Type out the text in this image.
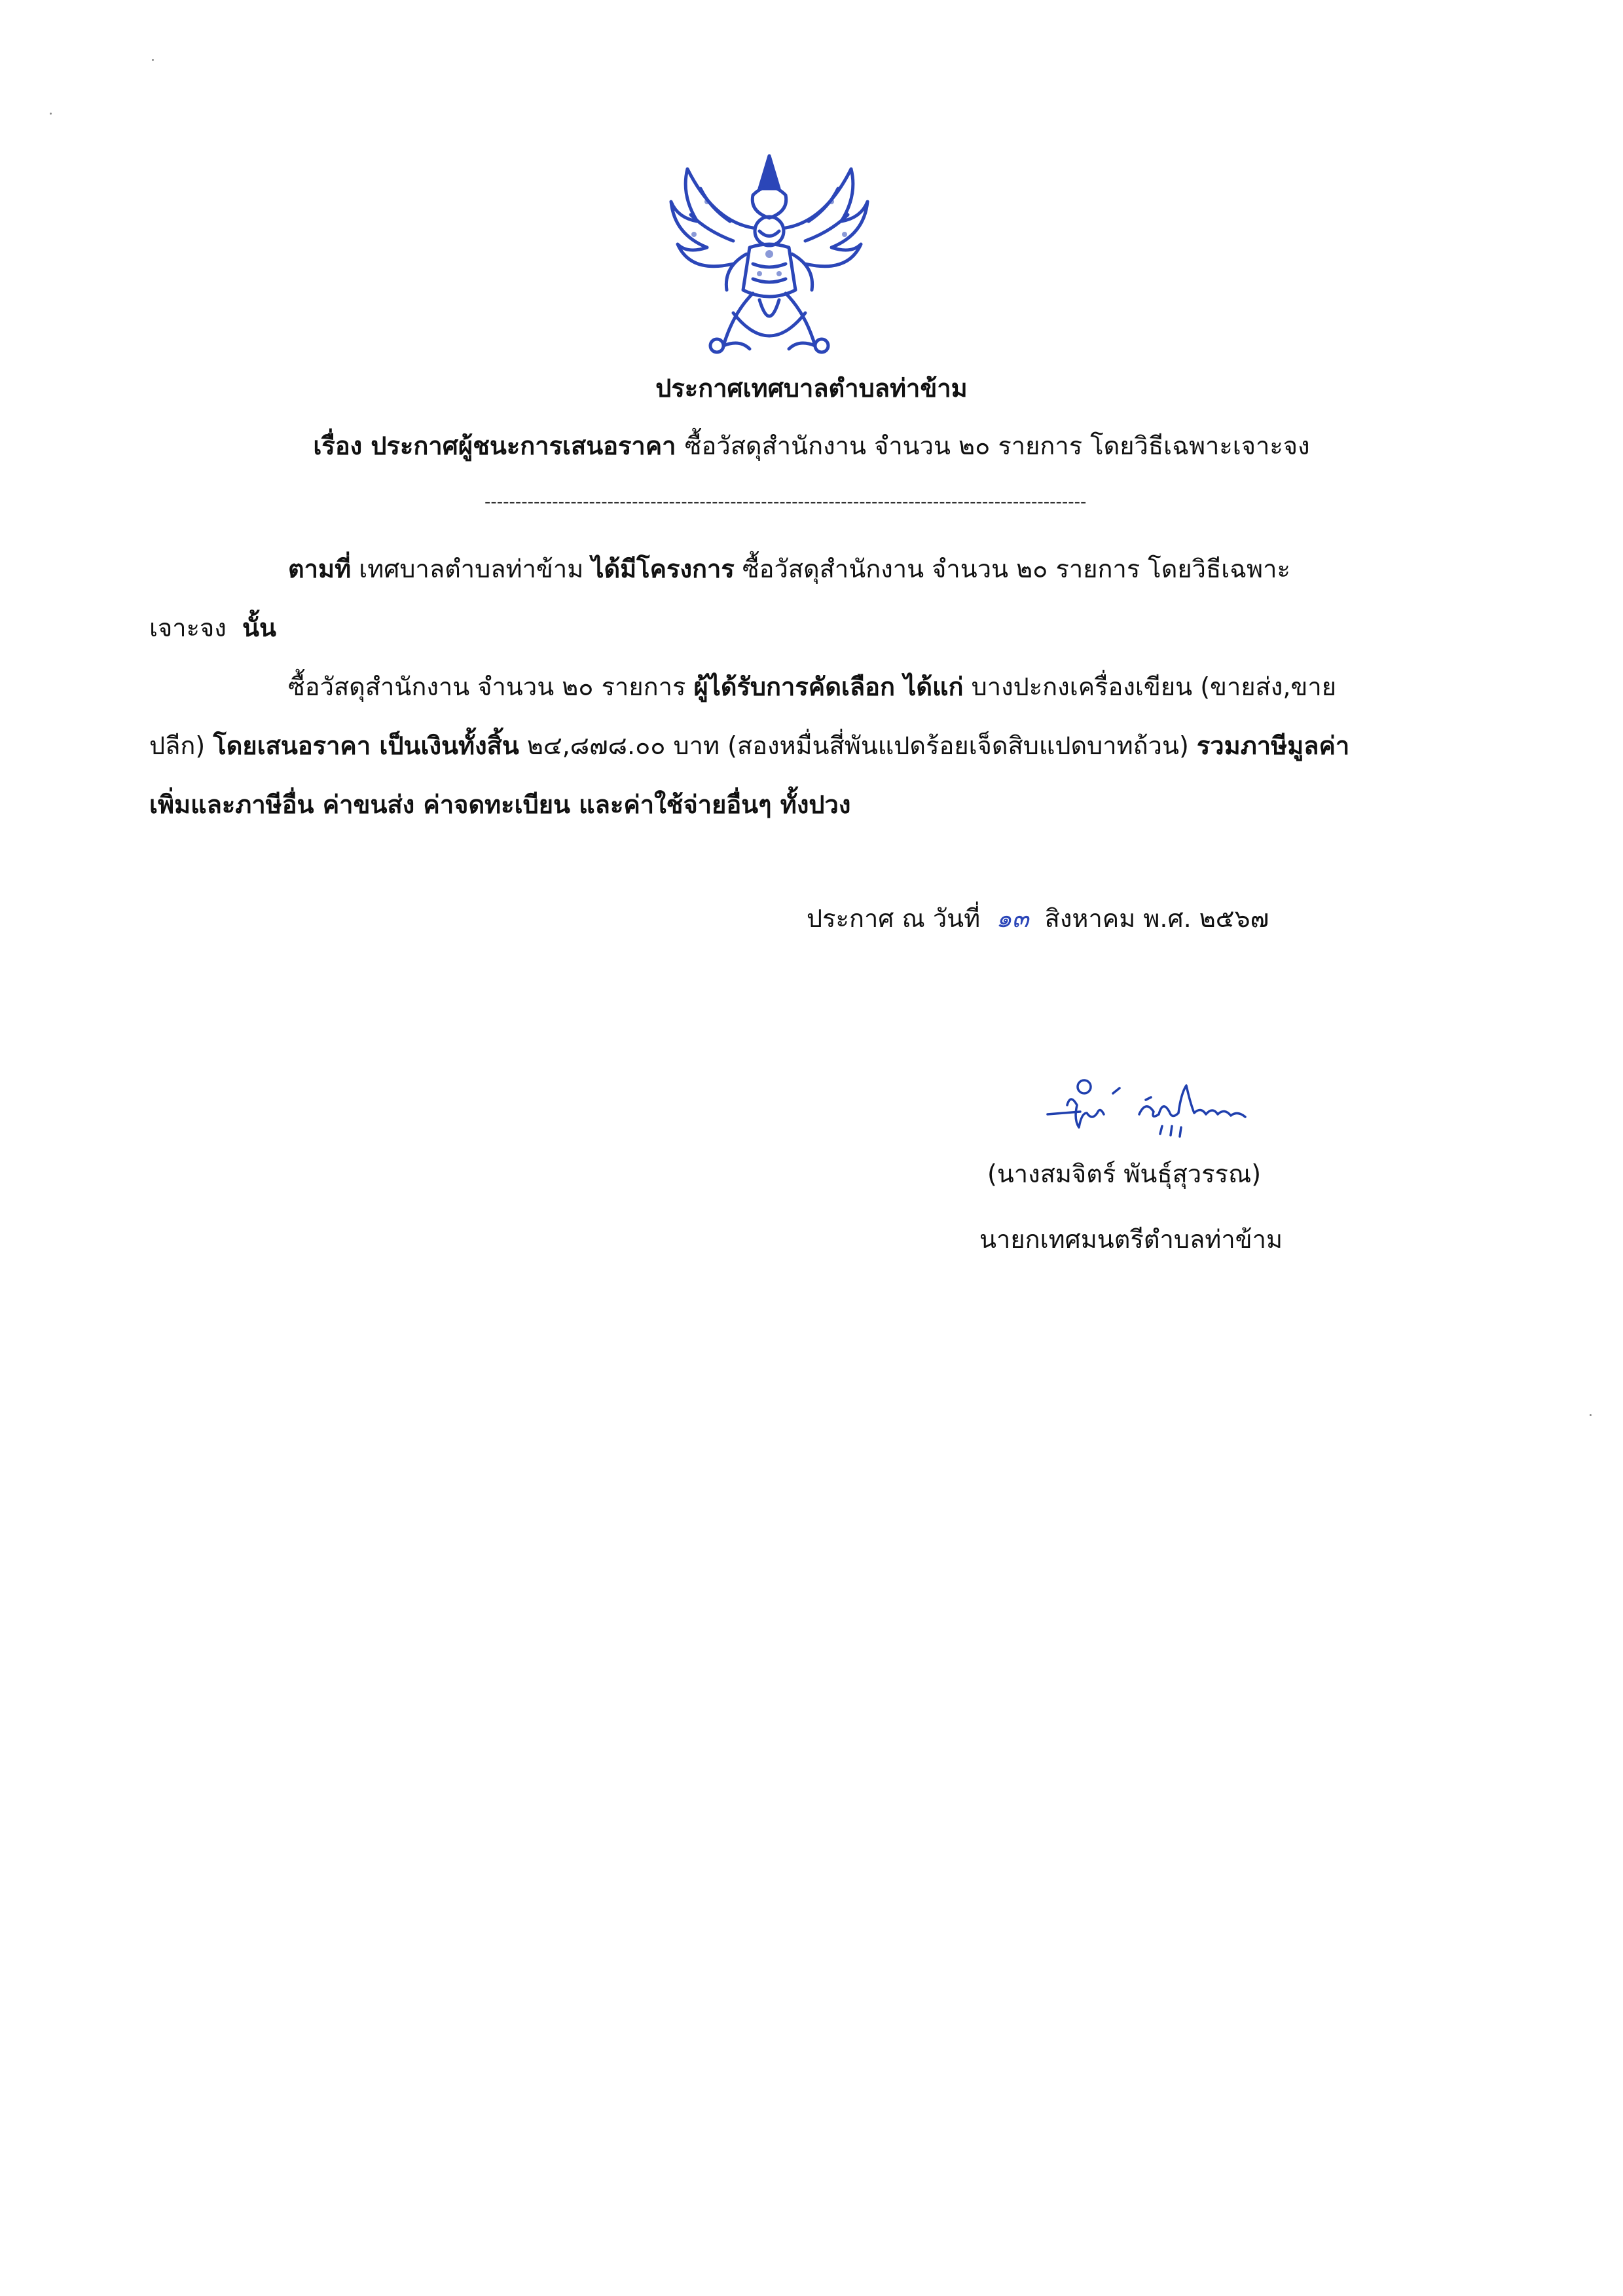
ประกาศเทศบาลตำบลท่าข้าม
เรื่อง ประกาศผู้ชนะการเสนอราคา ซื้อวัสดุสำนักงาน จำนวน ๒๐ รายการ โดยวิธีเฉพาะเจาะจง
--------------------------------------------------------------------------------------------------
ตามที่ เทศบาลตำบลท่าข้าม ได้มีโครงการ ซื้อวัสดุสำนักงาน จำนวน ๒๐ รายการ โดยวิธีเฉพาะ
เจาะจง นั้น
ซื้อวัสดุสำนักงาน จำนวน ๒๐ รายการ ผู้ได้รับการคัดเลือก ได้แก่ บางปะกงเครื่องเขียน (ขายส่ง,ขาย
ปลีก) โดยเสนอราคา เป็นเงินทั้งสิ้น ๒๔,๘๗๘.๐๐ บาท (สองหมื่นสี่พันแปดร้อยเจ็ดสิบแปดบาทถ้วน) รวมภาษีมูลค่า
เพิ่มและภาษีอื่น ค่าขนส่ง ค่าจดทะเบียน และค่าใช้จ่ายอื่นๆ ทั้งปวง
ประกาศ ณ วันที่ ๑๓ สิงหาคม พ.ศ. ๒๕๖๗
(นางสมจิตร์ พันธุ์สุวรรณ)
นายกเทศมนตรีตำบลท่าข้าม
